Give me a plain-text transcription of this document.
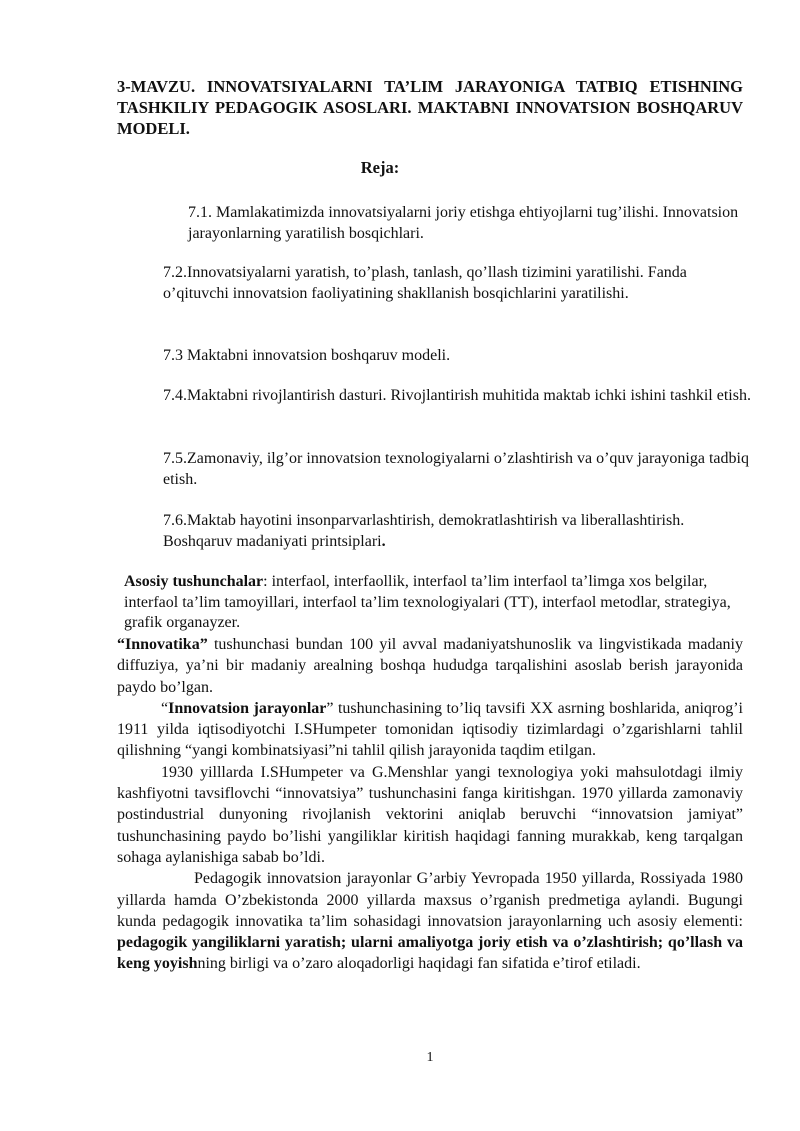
3-MAVZU. INNOVATSIYALARNI TA’LIM JARAYONIGA TATBIQ ETISHNING TASHKILIY PEDAGOGIK ASOSLARI. MAKTABNI INNOVATSION BOSHQARUV MODELI.
Reja:

7.1. Mamlakatimizda innovatsiyalarni joriy etishga ehtiyojlarni tug’ilishi. Innovatsion jarayonlarning yaratilish bosqichlari.

7.2.Innovatsiyalarni yaratish, to’plash, tanlash, qo’llash tizimini yaratilishi. Fanda o’qituvchi innovatsion faoliyatining shakllanish bosqichlarini yaratilishi.

7.3 Maktabni innovatsion boshqaruv modeli.

7.4.Maktabni rivojlantirish dasturi. Rivojlantirish muhitida maktab ichki ishini tashkil etish.

7.5.Zamonaviy, ilg’or innovatsion texnologiyalarni o’zlashtirish va o’quv jarayoniga tadbiq etish.

7.6.Maktab hayotini insonparvarlashtirish, demokratlashtirish va liberallashtirish. Boshqaruv madaniyati printsiplari.

Asosiy tushunchalar: interfaol, interfaollik, interfaol ta’lim interfaol ta’limga xos belgilar, interfaol ta’lim tamoyillari, interfaol ta’lim texnologiyalari (TT), interfaol metodlar, strategiya, grafik organayzer.

“Innovatika” tushunchasi bundan 100 yil avval madaniyatshunoslik va lingvistikada madaniy diffuziya, ya’ni bir madaniy arealning boshqa hududga tarqalishini asoslab berish jarayonida paydo bo’lgan.

“Innovatsion jarayonlar” tushunchasining to’liq tavsifi XX asrning boshlarida, aniqrog’i 1911 yilda iqtisodiyotchi I.SHumpeter tomonidan iqtisodiy tizimlardagi o’zgarishlarni tahlil qilishning “yangi kombinatsiyasi”ni tahlil qilish jarayonida taqdim etilgan.

1930 yilllarda I.SHumpeter va G.Menshlar yangi texnologiya yoki mahsulotdagi ilmiy kashfiyotni tavsiflovchi “innovatsiya” tushunchasini fanga kiritishgan. 1970 yillarda zamonaviy postindustrial dunyoning rivojlanish vektorini aniqlab beruvchi “innovatsion jamiyat” tushunchasining paydo bo’lishi yangiliklar kiritish haqidagi fanning murakkab, keng tarqalgan sohaga aylanishiga sabab bo’ldi.

Pedagogik innovatsion jarayonlar G’arbiy Yevropada 1950 yillarda, Rossiyada 1980 yillarda hamda O’zbekistonda 2000 yillarda maxsus o’rganish predmetiga aylandi. Bugungi kunda pedagogik innovatika ta’lim sohasidagi innovatsion jarayonlarning uch asosiy elementi: pedagogik yangiliklarni yaratish; ularni amaliyotga joriy etish va o’zlashtirish; qo’llash va keng yoyishning birligi va o’zaro aloqadorligi haqidagi fan sifatida e’tirof etiladi.

1
